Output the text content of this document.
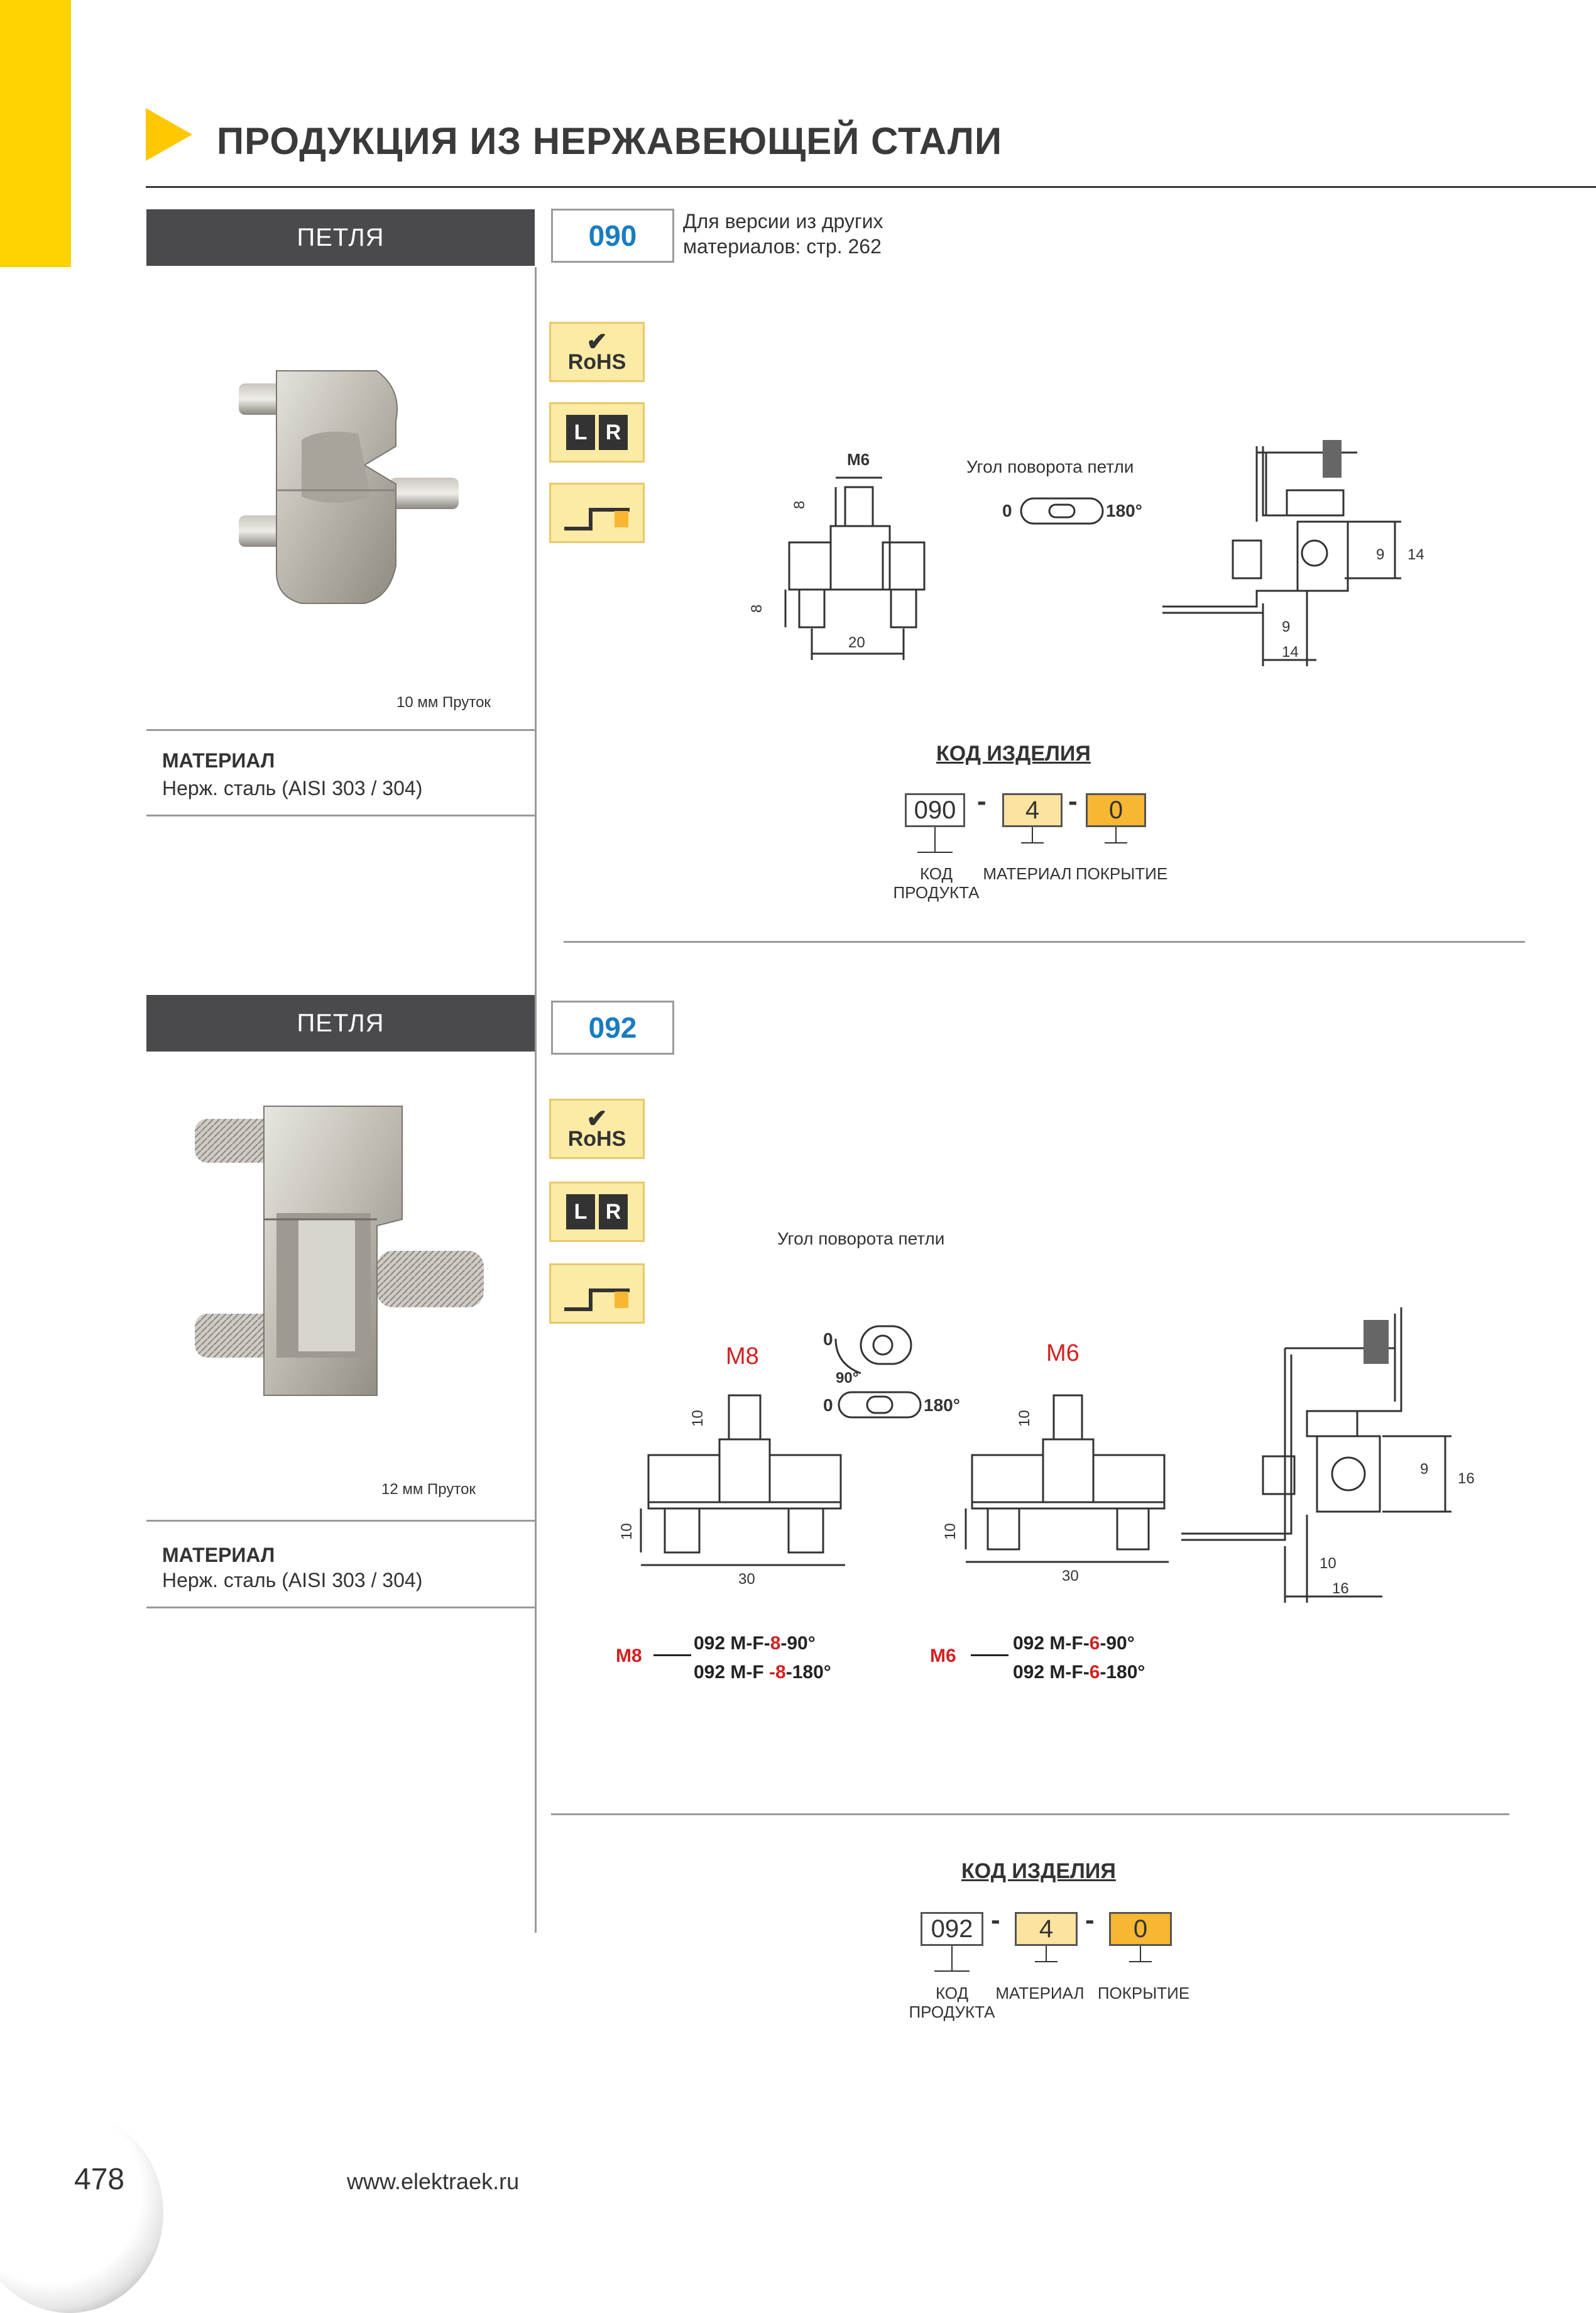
ПРОДУКЦИЯ ИЗ НЕРЖАВЕЮЩЕЙ СТАЛИ
ПЕТЛЯ	090	Для версии из других
материалов: стр. 262
✔
RoHS
L R
10 мм Пруток
МАТЕРИАЛ
Нерж. сталь (AISI 303 / 304)
M6
8
8
20
Угол поворота петли
0	180°
9 14
9
14
КОД ИЗДЕЛИЯ
090 -	4	-	0
КОД
ПРОДУКТА
МАТЕРИАЛ ПОКРЫТИЕ
ПЕТЛЯ	092
✔
RoHS
L R
12 мм Пруток
МАТЕРИАЛ
Нерж. сталь (AISI 303 / 304)
Угол поворота петли
0
90°
0	180°
M8	M6
10
10
30
10
10
30
9
16
10
16
M8
092 M-F-8-90°
092 M-F -8-180°
M6
092 M-F-6-90°
092 M-F-6-180°
КОД ИЗДЕЛИЯ
092 -	4	-	0
КОД
ПРОДУКТА
МАТЕРИАЛ ПОКРЫТИЕ
478	www.elektraek.ru
